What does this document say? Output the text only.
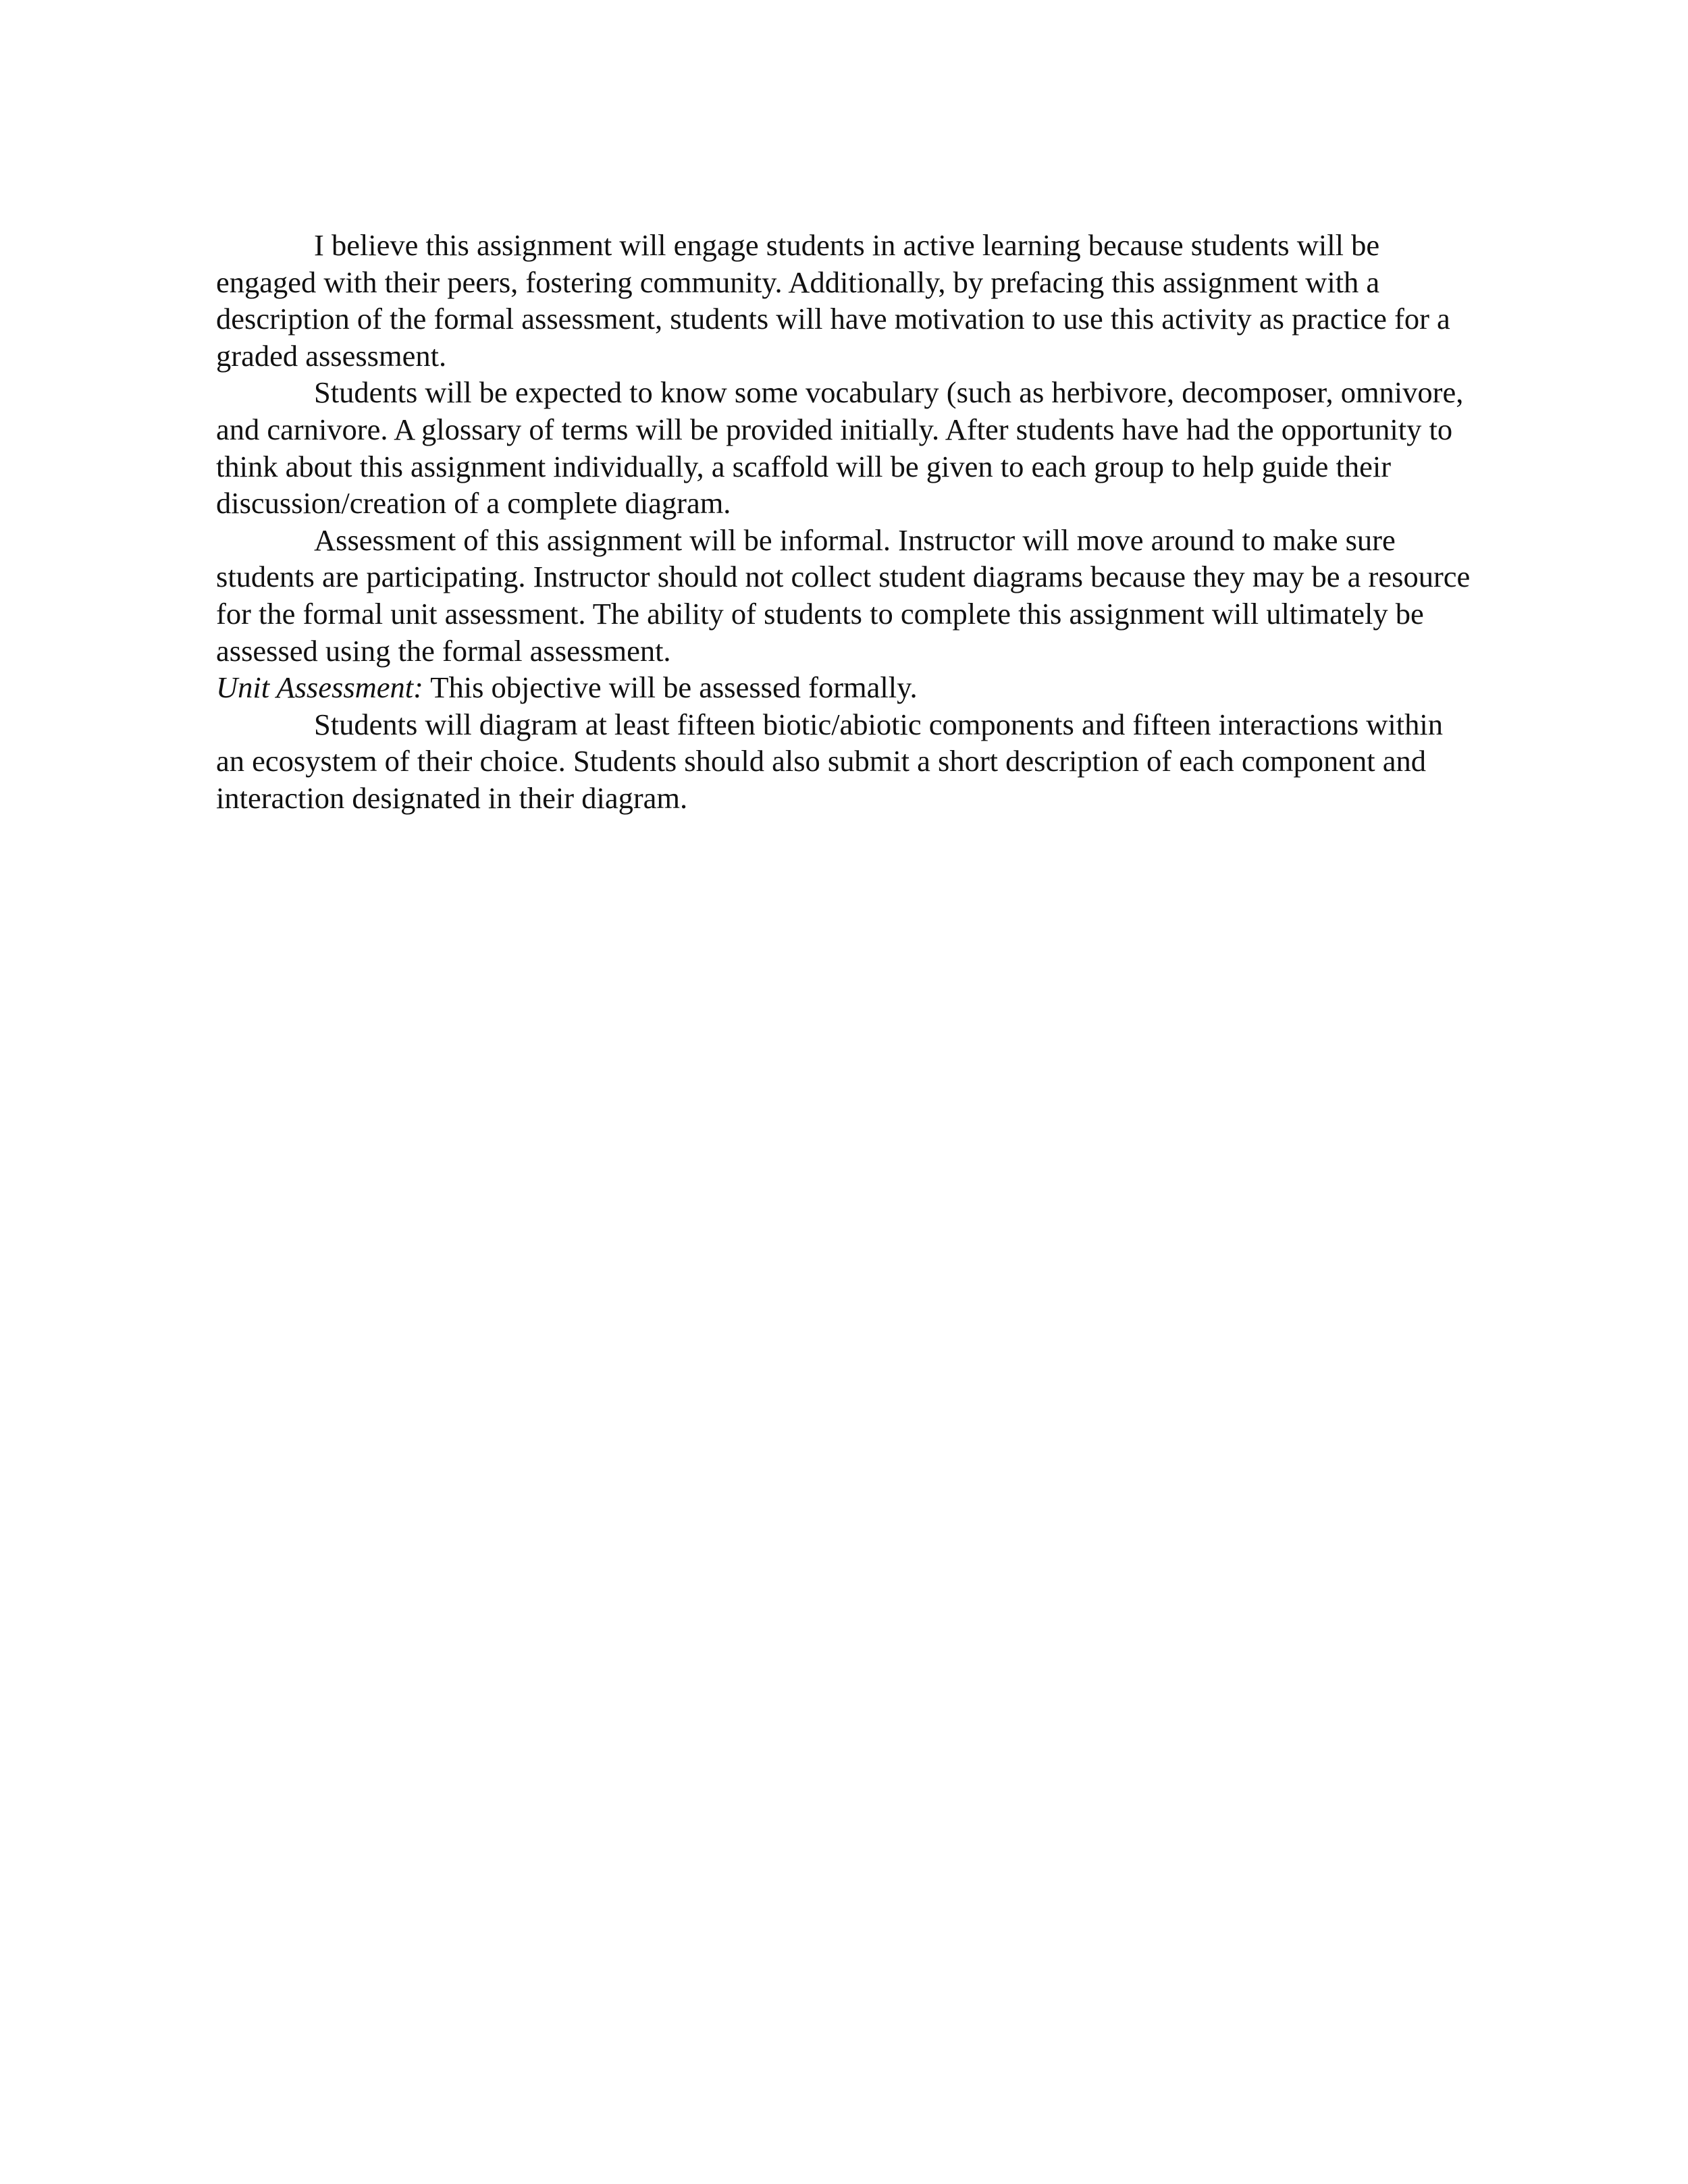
I believe this assignment will engage students in active learning because students will be engaged with their peers, fostering community. Additionally, by prefacing this assignment with a description of the formal assessment, students will have motivation to use this activity as practice for a graded assessment.

Students will be expected to know some vocabulary (such as herbivore, decomposer, omnivore, and carnivore. A glossary of terms will be provided initially. After students have had the opportunity to think about this assignment individually, a scaffold will be given to each group to help guide their discussion/creation of a complete diagram.

Assessment of this assignment will be informal. Instructor will move around to make sure students are participating. Instructor should not collect student diagrams because they may be a resource for the formal unit assessment. The ability of students to complete this assignment will ultimately be assessed using the formal assessment.

Unit Assessment: This objective will be assessed formally.

Students will diagram at least fifteen biotic/abiotic components and fifteen interactions within an ecosystem of their choice. Students should also submit a short description of each component and interaction designated in their diagram.
